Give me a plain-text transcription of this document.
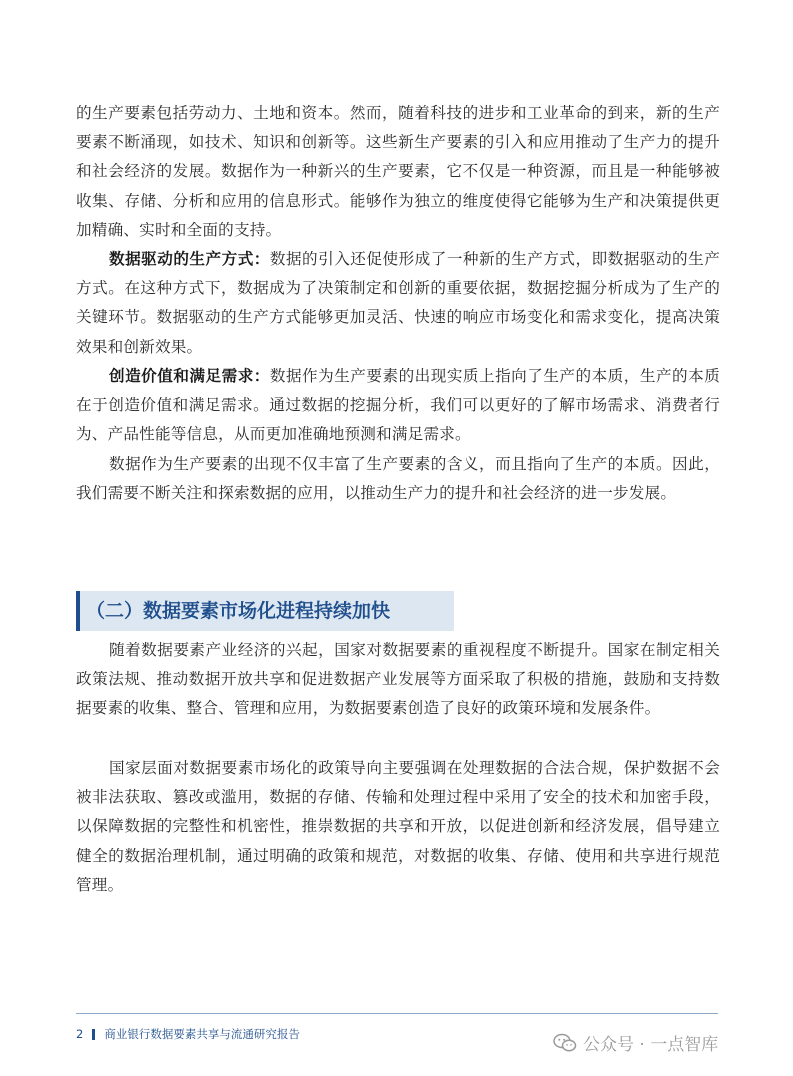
的生产要素包括劳动力、土地和资本。然而，随着科技的进步和工业革命的到来，新的生产要素不断涌现，如技术、知识和创新等。这些新生产要素的引入和应用推动了生产力的提升和社会经济的发展。数据作为一种新兴的生产要素，它不仅是一种资源，而且是一种能够被收集、存储、分析和应用的信息形式。能够作为独立的维度使得它能够为生产和决策提供更加精确、实时和全面的支持。

数据驱动的生产方式：数据的引入还促使形成了一种新的生产方式，即数据驱动的生产方式。在这种方式下，数据成为了决策制定和创新的重要依据，数据挖掘分析成为了生产的关键环节。数据驱动的生产方式能够更加灵活、快速的响应市场变化和需求变化，提高决策效果和创新效果。

创造价值和满足需求：数据作为生产要素的出现实质上指向了生产的本质，生产的本质在于创造价值和满足需求。通过数据的挖掘分析，我们可以更好的了解市场需求、消费者行为、产品性能等信息，从而更加准确地预测和满足需求。

数据作为生产要素的出现不仅丰富了生产要素的含义，而且指向了生产的本质。因此，我们需要不断关注和探索数据的应用，以推动生产力的提升和社会经济的进一步发展。

（二）数据要素市场化进程持续加快

随着数据要素产业经济的兴起，国家对数据要素的重视程度不断提升。国家在制定相关政策法规、推动数据开放共享和促进数据产业发展等方面采取了积极的措施，鼓励和支持数据要素的收集、整合、管理和应用，为数据要素创造了良好的政策环境和发展条件。

国家层面对数据要素市场化的政策导向主要强调在处理数据的合法合规，保护数据不会被非法获取、篡改或滥用，数据的存储、传输和处理过程中采用了安全的技术和加密手段，以保障数据的完整性和机密性，推崇数据的共享和开放，以促进创新和经济发展，倡导建立健全的数据治理机制，通过明确的政策和规范，对数据的收集、存储、使用和共享进行规范管理。

2 商业银行数据要素共享与流通研究报告
公众号 · 一点智库
